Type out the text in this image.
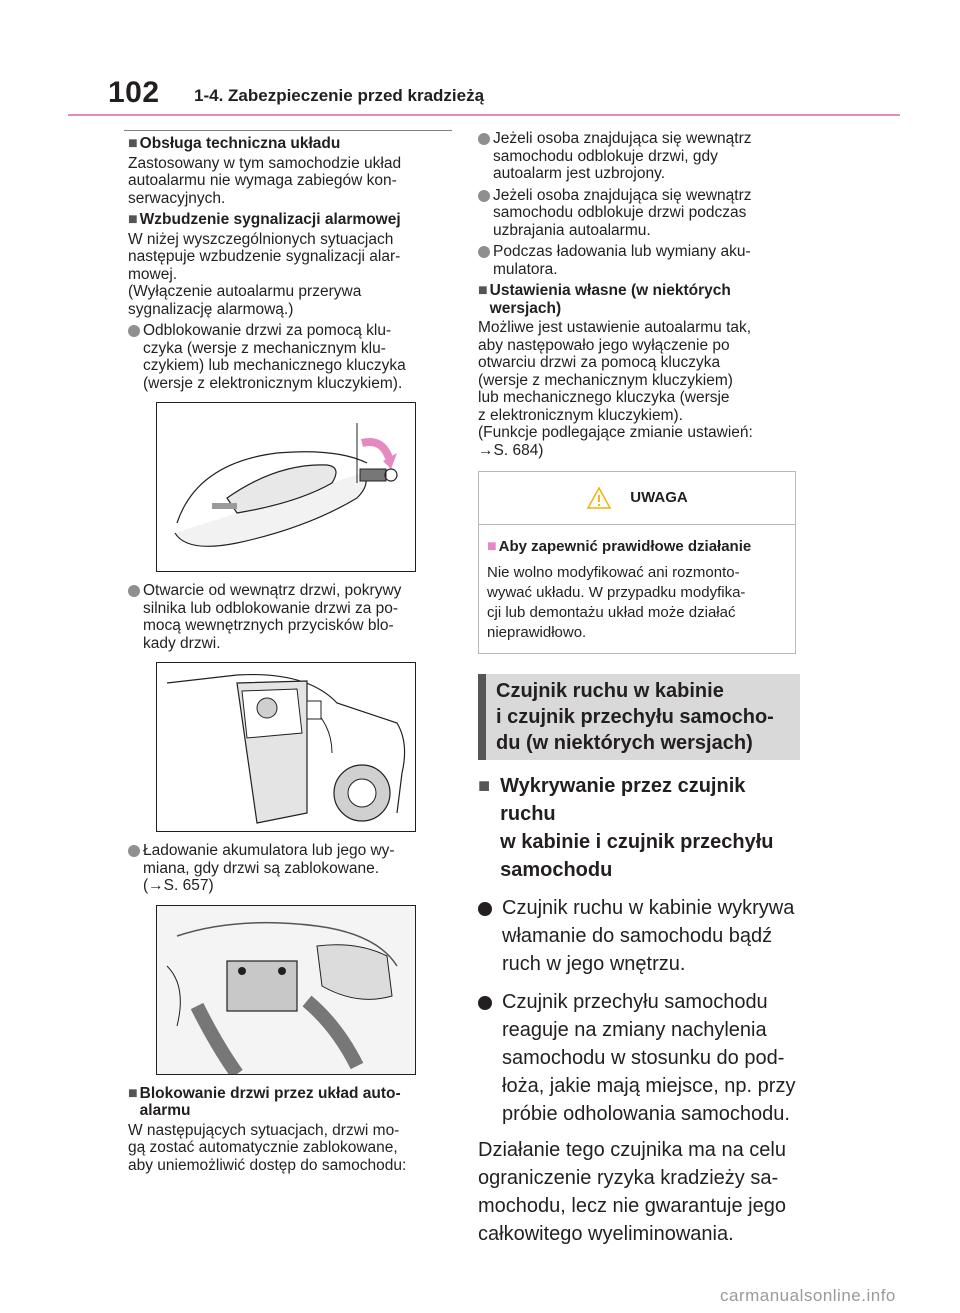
102 1-4. Zabezpieczenie przed kradzieżą
■ Obsługa techniczna układu
Zastosowany w tym samochodzie układ
autoalarmu nie wymaga zabiegów kon-
serwacyjnych.
■ Wzbudzenie sygnalizacji alarmowej
W niżej wyszczególnionych sytuacjach
następuje wzbudzenie sygnalizacji alar-
mowej.
(Wyłączenie autoalarmu przerywa
sygnalizację alarmową.)
Odblokowanie drzwi za pomocą klu-
czyka (wersje z mechanicznym klu-
czykiem) lub mechanicznego kluczyka
(wersje z elektronicznym kluczykiem).
Otwarcie od wewnątrz drzwi, pokrywy
silnika lub odblokowanie drzwi za po-
mocą wewnętrznych przycisków blo-
kady drzwi.
Ładowanie akumulatora lub jego wy-
miana, gdy drzwi są zablokowane.
(→S. 657)
■ Blokowanie drzwi przez układ auto-
alarmu
W następujących sytuacjach, drzwi mo-
gą zostać automatycznie zablokowane,
aby uniemożliwić dostęp do samochodu:
Jeżeli osoba znajdująca się wewnątrz
samochodu odblokuje drzwi, gdy
autoalarm jest uzbrojony.
Jeżeli osoba znajdująca się wewnątrz
samochodu odblokuje drzwi podczas
uzbrajania autoalarmu.
Podczas ładowania lub wymiany aku-
mulatora.
■ Ustawienia własne (w niektórych
wersjach)
Możliwe jest ustawienie autoalarmu tak,
aby następowało jego wyłączenie po
otwarciu drzwi za pomocą kluczyka
(wersje z mechanicznym kluczykiem)
lub mechanicznego kluczyka (wersje
z elektronicznym kluczykiem).
(Funkcje podlegające zmianie ustawień:
→S. 684)
UWAGA
■ Aby zapewnić prawidłowe działanie
Nie wolno modyfikować ani rozmonto-
wywać układu. W przypadku modyfika-
cji lub demontażu układ może działać
nieprawidłowo.
Czujnik ruchu w kabinie
i czujnik przechyłu samocho-
du (w niektórych wersjach)
■ Wykrywanie przez czujnik ruchu
w kabinie i czujnik przechyłu
samochodu
Czujnik ruchu w kabinie wykrywa
włamanie do samochodu bądź
ruch w jego wnętrzu.
Czujnik przechyłu samochodu
reaguje na zmiany nachylenia
samochodu w stosunku do pod-
łoża, jakie mają miejsce, np. przy
próbie odholowania samochodu.
Działanie tego czujnika ma na celu
ograniczenie ryzyka kradzieży sa-
mochodu, lecz nie gwarantuje jego
całkowitego wyeliminowania.
carmanualsonline.info
